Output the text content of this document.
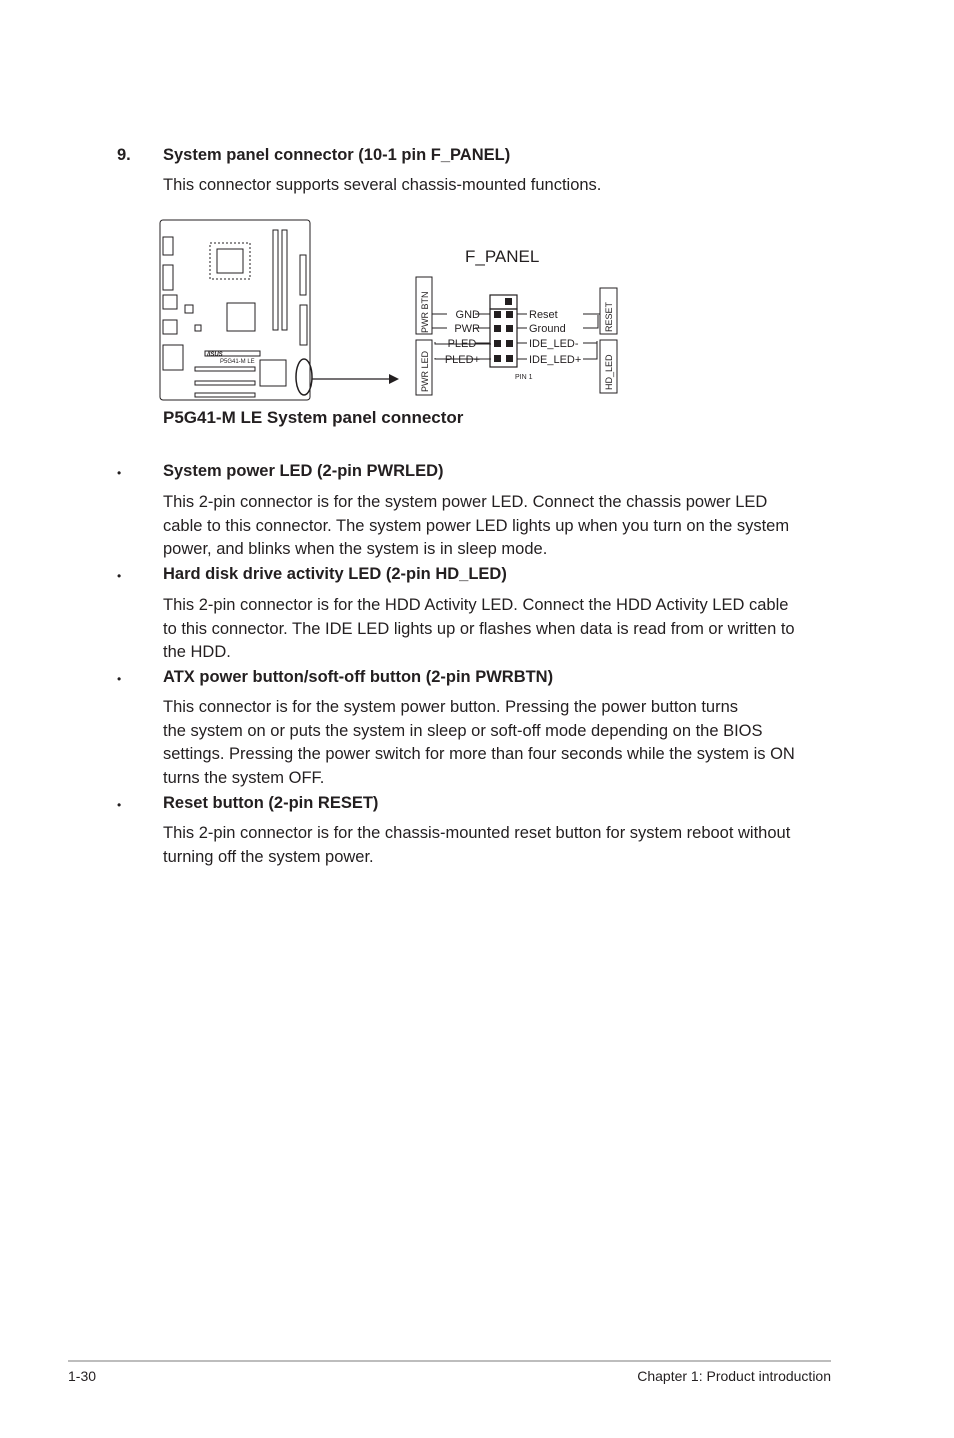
9. System panel connector (10-1 pin F_PANEL)
This connector supports several chassis-mounted functions.
P5G41-M LE
/ISUS
F_PANEL
PWR BTN
PWR LED
RESET
HD_LED
GND
PWR
PLED-
PLED+
Reset
Ground
IDE_LED-
IDE_LED+
PIN 1
P5G41-M LE System panel connector
•	System power LED (2-pin PWRLED)
This 2-pin connector is for the system power LED. Connect the chassis power LED
cable to this connector. The system power LED lights up when you turn on the system
power, and blinks when the system is in sleep mode.
•	Hard disk drive activity LED (2-pin HD_LED)
This 2-pin connector is for the HDD Activity LED. Connect the HDD Activity LED cable
to this connector. The IDE LED lights up or flashes when data is read from or written to
the HDD.
•	ATX power button/soft-off button (2-pin PWRBTN)
This connector is for the system power button. Pressing the power button turns
the system on or puts the system in sleep or soft-off mode depending on the BIOS
settings. Pressing the power switch for more than four seconds while the system is ON
turns the system OFF.
•	Reset button (2-pin RESET)
This 2-pin connector is for the chassis-mounted reset button for system reboot without
turning off the system power.
1-30	Chapter 1: Product introduction
